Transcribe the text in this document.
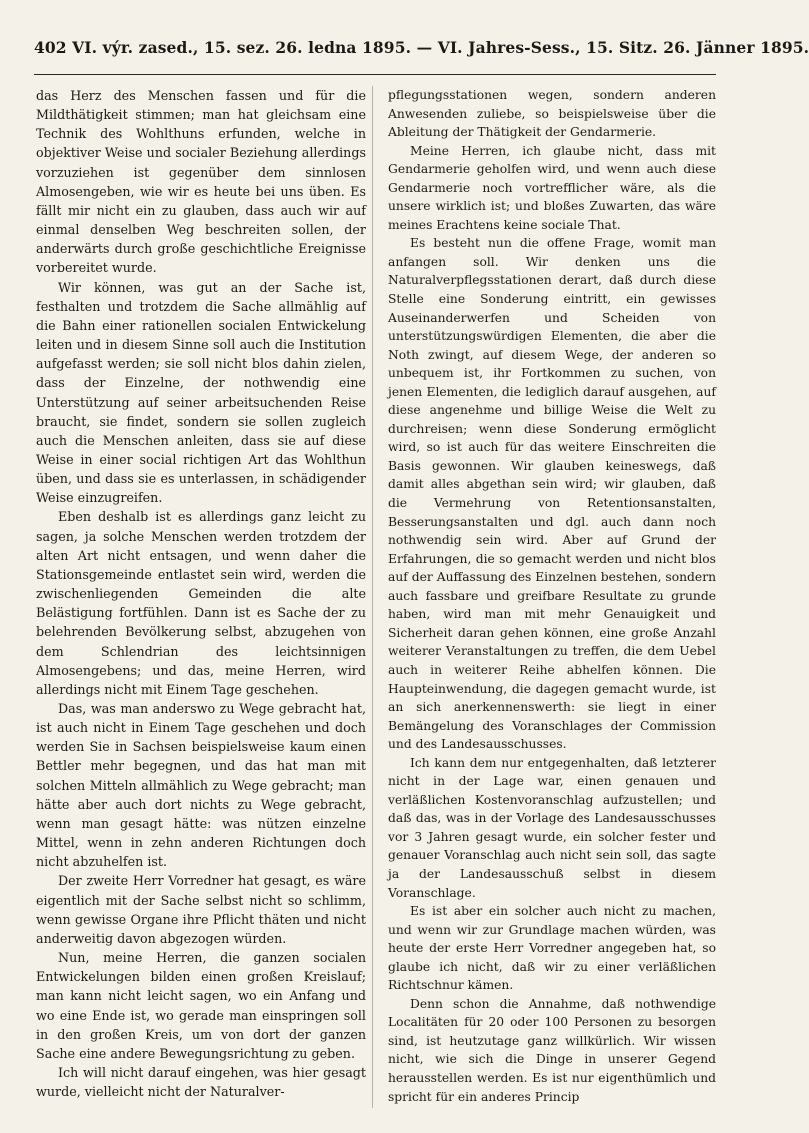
402 VI. výr. zased., 15. sez. 26. ledna 1895. — VI. Jahres-Sess., 15. Sitz. 26. Jänner 1895.

das Herz des Menschen fassen und für die Mildthätigkeit stimmen; man hat gleichsam eine Technik des Wohlthuns erfunden, welche in objektiver Weise und socialer Beziehung allerdings vorzuziehen ist gegenüber dem sinnlosen Almosengeben, wie wir es heute bei uns üben. Es fällt mir nicht ein zu glauben, dass auch wir auf einmal denselben Weg beschreiten sollen, der anderwärts durch große geschichtliche Ereignisse vorbereitet wurde.

Wir können, was gut an der Sache ist, festhalten und trotzdem die Sache allmählig auf die Bahn einer rationellen socialen Entwickelung leiten und in diesem Sinne soll auch die Institution aufgefasst werden; sie soll nicht blos dahin zielen, dass der Einzelne, der nothwendig eine Unterstützung auf seiner arbeitsuchenden Reise braucht, sie findet, sondern sie sollen zugleich auch die Menschen anleiten, dass sie auf diese Weise in einer social richtigen Art das Wohlthun üben, und dass sie es unterlassen, in schädigender Weise einzugreifen.

Eben deshalb ist es allerdings ganz leicht zu sagen, ja solche Menschen werden trotzdem der alten Art nicht entsagen, und wenn daher die Stationsgemeinde entlastet sein wird, werden die zwischenliegenden Gemeinden die alte Belästigung fortfühlen. Dann ist es Sache der zu belehrenden Bevölkerung selbst, abzugehen von dem Schlendrian des leichtsinnigen Almosengebens; und das, meine Herren, wird allerdings nicht mit Einem Tage geschehen.

Das, was man anderswo zu Wege gebracht hat, ist auch nicht in Einem Tage geschehen und doch werden Sie in Sachsen beispielsweise kaum einen Bettler mehr begegnen, und das hat man mit solchen Mitteln allmählich zu Wege gebracht; man hätte aber auch dort nichts zu Wege gebracht, wenn man gesagt hätte: was nützen einzelne Mittel, wenn in zehn anderen Richtungen doch nicht abzuhelfen ist.

Der zweite Herr Vorredner hat gesagt, es wäre eigentlich mit der Sache selbst nicht so schlimm, wenn gewisse Organe ihre Pflicht thäten und nicht anderweitig davon abgezogen würden.

Nun, meine Herren, die ganzen socialen Entwickelungen bilden einen großen Kreislauf; man kann nicht leicht sagen, wo ein Anfang und wo eine Ende ist, wo gerade man einspringen soll in den großen Kreis, um von dort der ganzen Sache eine andere Bewegungsrichtung zu geben.

Ich will nicht darauf eingehen, was hier gesagt wurde, vielleicht nicht der Naturalver-

pflegungsstationen wegen, sondern anderen Anwesenden zuliebe, so beispielsweise über die Ableitung der Thätigkeit der Gendarmerie.

Meine Herren, ich glaube nicht, dass mit Gendarmerie geholfen wird, und wenn auch diese Gendarmerie noch vortrefflicher wäre, als die unsere wirklich ist; und bloßes Zuwarten, das wäre meines Erachtens keine sociale That.

Es besteht nun die offene Frage, womit man anfangen soll. Wir denken uns die Naturalverpflegsstationen derart, daß durch diese Stelle eine Sonderung eintritt, ein gewisses Auseinanderwerfen und Scheiden von unterstützungswürdigen Elementen, die aber die Noth zwingt, auf diesem Wege, der anderen so unbequem ist, ihr Fortkommen zu suchen, von jenen Elementen, die lediglich darauf ausgehen, auf diese angenehme und billige Weise die Welt zu durchreisen; wenn diese Sonderung ermöglicht wird, so ist auch für das weitere Einschreiten die Basis gewonnen. Wir glauben keineswegs, daß damit alles abgethan sein wird; wir glauben, daß die Vermehrung von Retentionsanstalten, Besserungsanstalten und dgl. auch dann noch nothwendig sein wird. Aber auf Grund der Erfahrungen, die so gemacht werden und nicht blos auf der Auffassung des Einzelnen bestehen, sondern auch fassbare und greifbare Resultate zu grunde haben, wird man mit mehr Genauigkeit und Sicherheit daran gehen können, eine große Anzahl weiterer Veranstaltungen zu treffen, die dem Uebel auch in weiterer Reihe abhelfen können. Die Haupteinwendung, die dagegen gemacht wurde, ist an sich anerkennenswerth: sie liegt in einer Bemängelung des Voranschlages der Commission und des Landesausschusses.

Ich kann dem nur entgegenhalten, daß letzterer nicht in der Lage war, einen genauen und verläßlichen Kostenvoranschlag aufzustellen; und daß das, was in der Vorlage des Landesausschusses vor 3 Jahren gesagt wurde, ein solcher fester und genauer Voranschlag auch nicht sein soll, das sagte ja der Landesausschuß selbst in diesem Voranschlage.

Es ist aber ein solcher auch nicht zu machen, und wenn wir zur Grundlage machen würden, was heute der erste Herr Vorredner angegeben hat, so glaube ich nicht, daß wir zu einer verläßlichen Richtschnur kämen.

Denn schon die Annahme, daß nothwendige Localitäten für 20 oder 100 Personen zu besorgen sind, ist heutzutage ganz willkürlich. Wir wissen nicht, wie sich die Dinge in unserer Gegend herausstellen werden. Es ist nur eigenthümlich und spricht für ein anderes Princip
